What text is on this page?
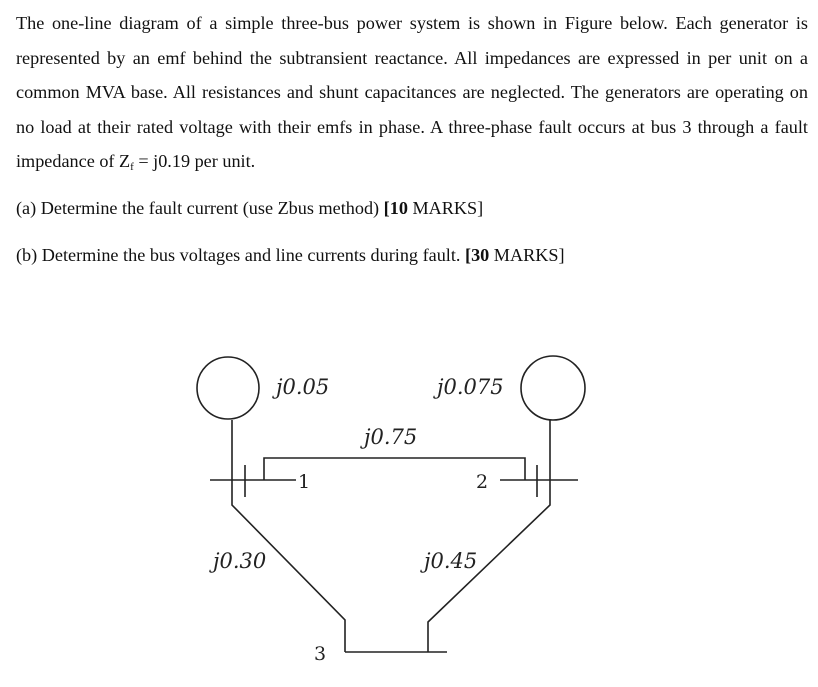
The one-line diagram of a simple three-bus power system is shown in Figure below. Each generator is represented by an emf behind the subtransient reactance. All impedances are expressed in per unit on a common MVA base. All resistances and shunt capacitances are neglected. The generators are operating on no load at their rated voltage with their emfs in phase. A three-phase fault occurs at bus 3 through a fault impedance of $Z_f = j0.19$ per unit.

(a) Determine the fault current (use Zbus method) [10 MARKS]

(b) Determine the bus voltages and line currents during fault. [30 MARKS]

j0.05	j0.075
j0.75
j0.30	j0.45
1	2
3
